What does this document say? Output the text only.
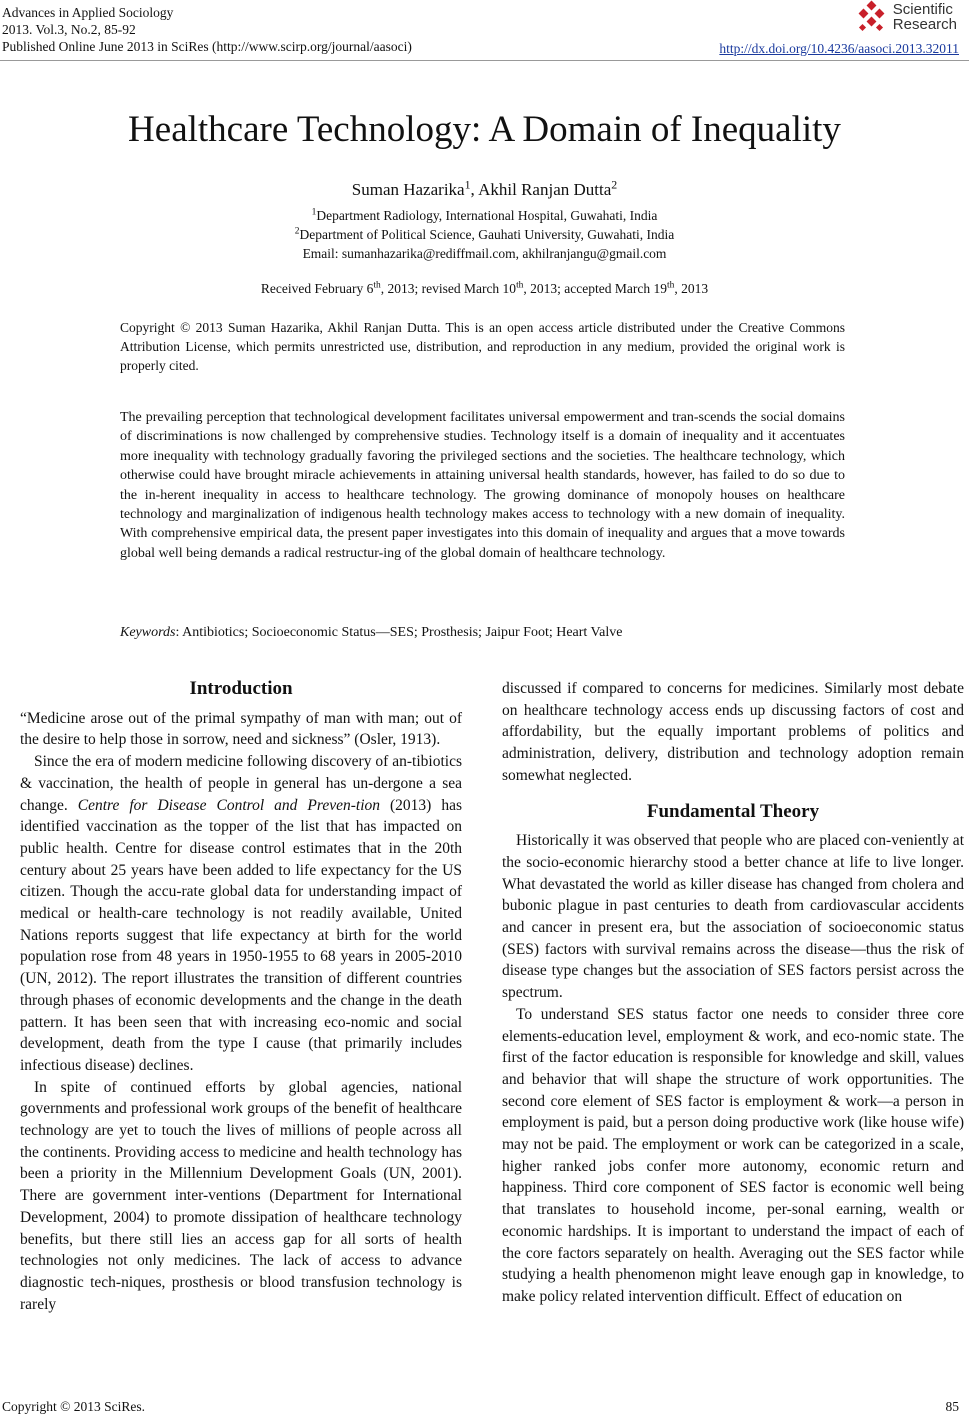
Advances in Applied Sociology
2013. Vol.3, No.2, 85-92
Published Online June 2013 in SciRes (http://www.scirp.org/journal/aasoci)
Scientific
Research
http://dx.doi.org/10.4236/aasoci.2013.32011
Healthcare Technology: A Domain of Inequality
Suman Hazarika$^1$, Akhil Ranjan Dutta$^2$
$^1$Department Radiology, International Hospital, Guwahati, India
$^2$Department of Political Science, Gauhati University, Guwahati, India
Email: sumanhazarika@rediffmail.com, akhilranjangu@gmail.com
Received February 6th, 2013; revised March 10th, 2013; accepted March 19th, 2013
Copyright © 2013 Suman Hazarika, Akhil Ranjan Dutta. This is an open access article distributed under the Creative Commons Attribution License, which permits unrestricted use, distribution, and reproduction in any medium, provided the original work is properly cited.
The prevailing perception that technological development facilitates universal empowerment and tran-scends the social domains of discriminations is now challenged by comprehensive studies. Technology itself is a domain of inequality and it accentuates more inequality with technology gradually favoring the privileged sections and the societies. The healthcare technology, which otherwise could have brought miracle achievements in attaining universal health standards, however, has failed to do so due to the in-herent inequality in access to healthcare technology. The growing dominance of monopoly houses on healthcare technology and marginalization of indigenous health technology makes access to technology with a new domain of inequality. With comprehensive empirical data, the present paper investigates into this domain of inequality and argues that a move towards global well being demands a radical restructur-ing of the global domain of healthcare technology.
Keywords: Antibiotics; Socioeconomic Status—SES; Prosthesis; Jaipur Foot; Heart Valve
Introduction

“Medicine arose out of the primal sympathy of man with man; out of the desire to help those in sorrow, need and sickness” (Osler, 1913).

Since the era of modern medicine following discovery of an-tibiotics & vaccination, the health of people in general has un-dergone a sea change. Centre for Disease Control and Preven-tion (2013) has identified vaccination as the topper of the list that has impacted on public health. Centre for disease control estimates that in the 20th century about 25 years have been added to life expectancy for the US citizen. Though the accu-rate global data for understanding impact of medical or health-care technology is not readily available, United Nations reports suggest that life expectancy at birth for the world population rose from 48 years in 1950-1955 to 68 years in 2005-2010 (UN, 2012). The report illustrates the transition of different countries through phases of economic developments and the change in the death pattern. It has been seen that with increasing eco-nomic and social development, death from the type I cause (that primarily includes infectious disease) declines.

In spite of continued efforts by global agencies, national governments and professional work groups of the benefit of healthcare technology are yet to touch the lives of millions of people across all the continents. Providing access to medicine and health technology has been a priority in the Millennium Development Goals (UN, 2001). There are government inter-ventions (Department for International Development, 2004) to promote dissipation of healthcare technology benefits, but there still lies an access gap for all sorts of health technologies not only medicines. The lack of access to advance diagnostic tech-niques, prosthesis or blood transfusion technology is rarely

discussed if compared to concerns for medicines. Similarly most debate on healthcare technology access ends up discussing factors of cost and affordability, but the equally important problems of politics and administration, delivery, distribution and technology adoption remain somewhat neglected.

Fundamental Theory

Historically it was observed that people who are placed con-veniently at the socio-economic hierarchy stood a better chance at life to live longer. What devastated the world as killer disease has changed from cholera and bubonic plague in past centuries to death from cardiovascular accidents and cancer in present era, but the association of socioeconomic status (SES) factors with survival remains across the disease—thus the risk of disease type changes but the association of SES factors persist across the spectrum.

To understand SES status factor one needs to consider three core elements-education level, employment & work, and eco-nomic state. The first of the factor education is responsible for knowledge and skill, values and behavior that will shape the structure of work opportunities. The second core element of SES factor is employment & work—a person in employment is paid, but a person doing productive work (like house wife) may not be paid. The employment or work can be categorized in a scale, higher ranked jobs confer more autonomy, economic return and happiness. Third core component of SES factor is economic well being that translates to household income, per-sonal earning, wealth or economic hardships. It is important to understand the impact of each of the core factors separately on health. Averaging out the SES factor while studying a health phenomenon might leave enough gap in knowledge, to make policy related intervention difficult. Effect of education on

Copyright © 2013 SciRes.	85
